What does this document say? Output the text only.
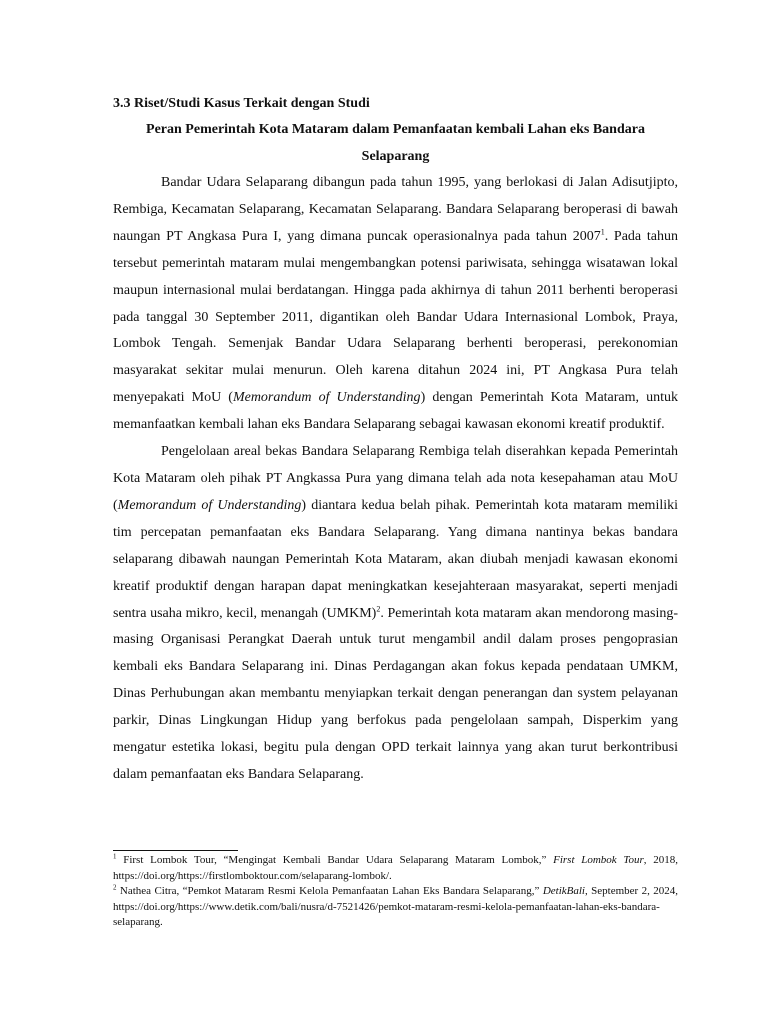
3.3 Riset/Studi Kasus Terkait dengan Studi

Peran Pemerintah Kota Mataram dalam Pemanfaatan kembali Lahan eks Bandara Selaparang

Bandar Udara Selaparang dibangun pada tahun 1995, yang berlokasi di Jalan Adisutjipto, Rembiga, Kecamatan Selaparang, Kecamatan Selaparang. Bandara Selaparang beroperasi di bawah naungan PT Angkasa Pura I, yang dimana puncak operasionalnya pada tahun 2007$^1$. Pada tahun tersebut pemerintah mataram mulai mengembangkan potensi pariwisata, sehingga wisatawan lokal maupun internasional mulai berdatangan. Hingga pada akhirnya di tahun 2011 berhenti beroperasi pada tanggal 30 September 2011, digantikan oleh Bandar Udara Internasional Lombok, Praya, Lombok Tengah. Semenjak Bandar Udara Selaparang berhenti beroperasi, perekonomian masyarakat sekitar mulai menurun. Oleh karena ditahun 2024 ini, PT Angkasa Pura telah menyepakati MoU (Memorandum of Understanding) dengan Pemerintah Kota Mataram, untuk memanfaatkan kembali lahan eks Bandara Selaparang sebagai kawasan ekonomi kreatif produktif.

Pengelolaan areal bekas Bandara Selaparang Rembiga telah diserahkan kepada Pemerintah Kota Mataram oleh pihak PT Angkassa Pura yang dimana telah ada nota kesepahaman atau MoU (Memorandum of Understanding) diantara kedua belah pihak. Pemerintah kota mataram memiliki tim percepatan pemanfaatan eks Bandara Selaparang. Yang dimana nantinya bekas bandara selaparang dibawah naungan Pemerintah Kota Mataram, akan diubah menjadi kawasan ekonomi kreatif produktif dengan harapan dapat meningkatkan kesejahteraan masyarakat, seperti menjadi sentra usaha mikro, kecil, menangah (UMKM)$^2$. Pemerintah kota mataram akan mendorong masing-masing Organisasi Perangkat Daerah untuk turut mengambil andil dalam proses pengoprasian kembali eks Bandara Selaparang ini. Dinas Perdagangan akan fokus kepada pendataan UMKM, Dinas Perhubungan akan membantu menyiapkan terkait dengan penerangan dan system pelayanan parkir, Dinas Lingkungan Hidup yang berfokus pada pengelolaan sampah, Disperkim yang mengatur estetika lokasi, begitu pula dengan OPD terkait lainnya yang akan turut berkontribusi dalam pemanfaatan eks Bandara Selaparang.

$^1$ First Lombok Tour, “Mengingat Kembali Bandar Udara Selaparang Mataram Lombok,” First Lombok Tour, 2018, https://doi.org/https://firstlomboktour.com/selaparang-lombok/.

$^2$ Nathea Citra, “Pemkot Mataram Resmi Kelola Pemanfaatan Lahan Eks Bandara Selaparang,” DetikBali, September 2, 2024, https://doi.org/https://www.detik.com/bali/nusra/d-7521426/pemkot-mataram-resmi-kelola-pemanfaatan-lahan-eks-bandara-selaparang.
